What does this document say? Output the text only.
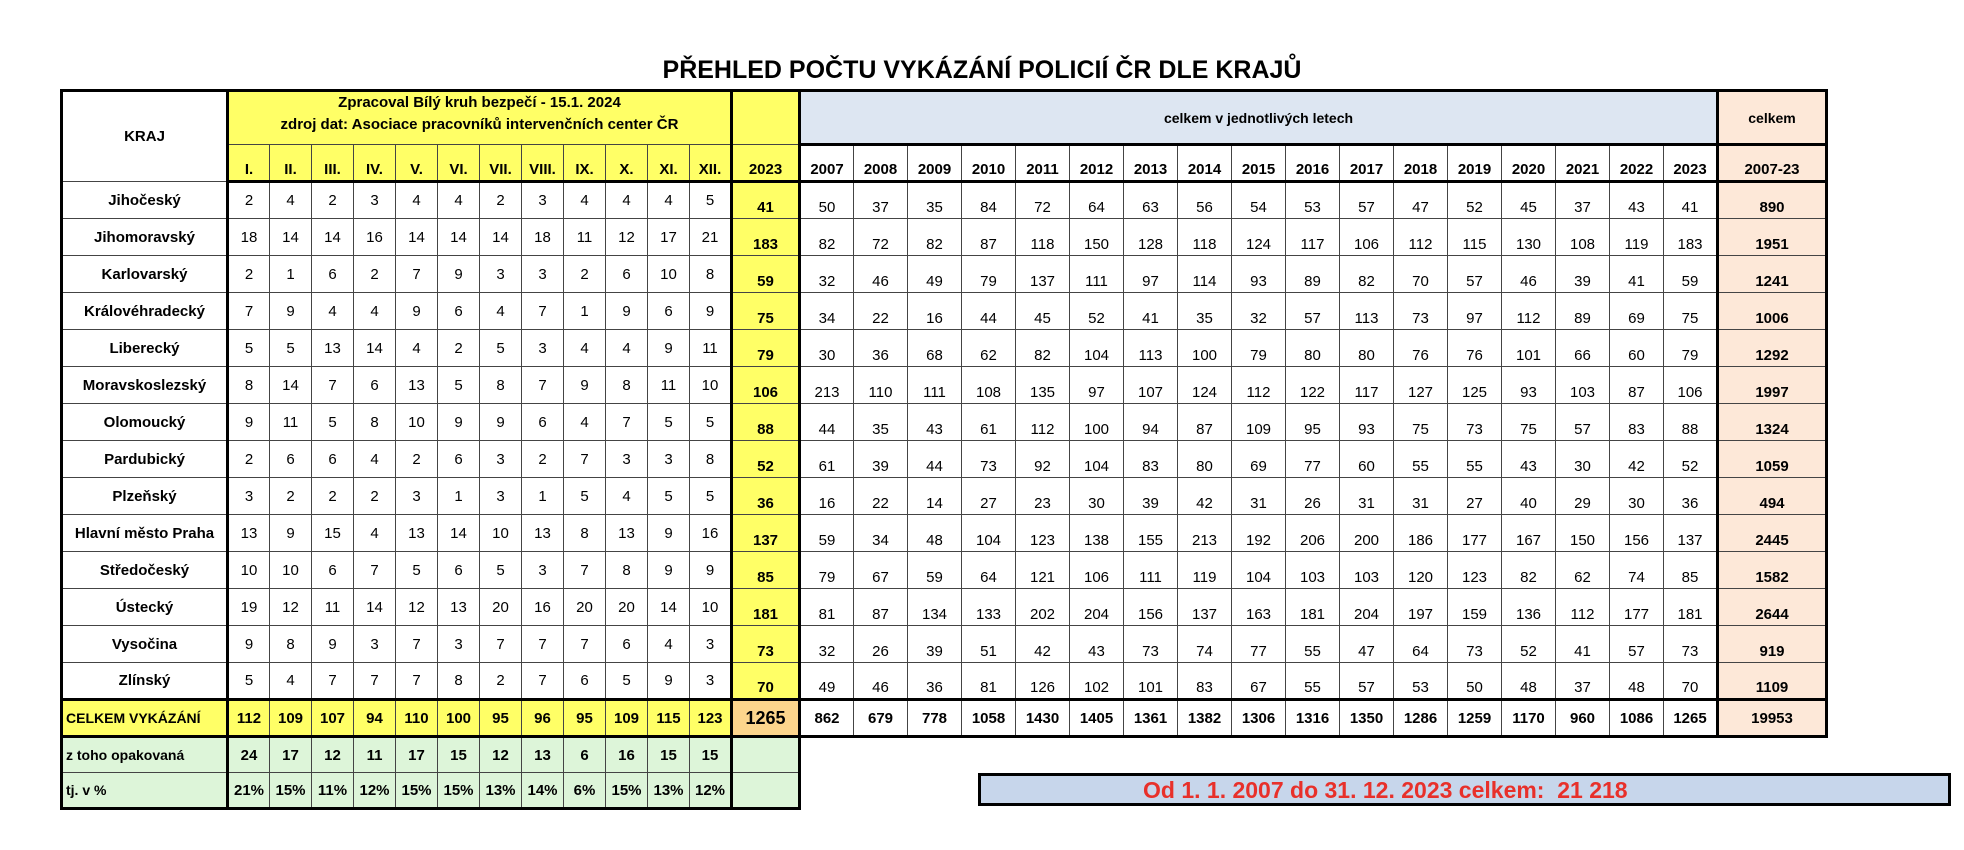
PŘEHLED POČTU VYKÁZÁNÍ POLICIÍ ČR DLE KRAJŮ
KRAJ	Zpracoval Bílý kruh bezpečí - 15.1. 2024
zdroj dat: Asociace pracovníků intervenčních center ČR													celkem v jednotlivých letech																	celkem
	I.	II.	III.	IV.	V.	VI.	VII.	VIII.	IX.	X.	XI.	XII.	2023	2007	2008	2009	2010	2011	2012	2013	2014	2015	2016	2017	2018	2019	2020	2021	2022	2023	2007-23
Jihočeský	2	4	2	3	4	4	2	3	4	4	4	5	41	50	37	35	84	72	64	63	56	54	53	57	47	52	45	37	43	41	890
Jihomoravský	18	14	14	16	14	14	14	18	11	12	17	21	183	82	72	82	87	118	150	128	118	124	117	106	112	115	130	108	119	183	1951
Karlovarský	2	1	6	2	7	9	3	3	2	6	10	8	59	32	46	49	79	137	111	97	114	93	89	82	70	57	46	39	41	59	1241
Královéhradecký	7	9	4	4	9	6	4	7	1	9	6	9	75	34	22	16	44	45	52	41	35	32	57	113	73	97	112	89	69	75	1006
Liberecký	5	5	13	14	4	2	5	3	4	4	9	11	79	30	36	68	62	82	104	113	100	79	80	80	76	76	101	66	60	79	1292
Moravskoslezský	8	14	7	6	13	5	8	7	9	8	11	10	106	213	110	111	108	135	97	107	124	112	122	117	127	125	93	103	87	106	1997
Olomoucký	9	11	5	8	10	9	9	6	4	7	5	5	88	44	35	43	61	112	100	94	87	109	95	93	75	73	75	57	83	88	1324
Pardubický	2	6	6	4	2	6	3	2	7	3	3	8	52	61	39	44	73	92	104	83	80	69	77	60	55	55	43	30	42	52	1059
Plzeňský	3	2	2	2	3	1	3	1	5	4	5	5	36	16	22	14	27	23	30	39	42	31	26	31	31	27	40	29	30	36	494
Hlavní město Praha	13	9	15	4	13	14	10	13	8	13	9	16	137	59	34	48	104	123	138	155	213	192	206	200	186	177	167	150	156	137	2445
Středočeský	10	10	6	7	5	6	5	3	7	8	9	9	85	79	67	59	64	121	106	111	119	104	103	103	120	123	82	62	74	85	1582
Ústecký	19	12	11	14	12	13	20	16	20	20	14	10	181	81	87	134	133	202	204	156	137	163	181	204	197	159	136	112	177	181	2644
Vysočina	9	8	9	3	7	3	7	7	7	6	4	3	73	32	26	39	51	42	43	73	74	77	55	47	64	73	52	41	57	73	919
Zlínský	5	4	7	7	7	8	2	7	6	5	9	3	70	49	46	36	81	126	102	101	83	67	55	57	53	50	48	37	48	70	1109
CELKEM VYKÁZÁNÍ	112	109	107	94	110	100	95	96	95	109	115	123	1265	862	679	778	1058	1430	1405	1361	1382	1306	1316	1350	1286	1259	1170	960	1086	1265	19953
z toho opakovaná	24	17	12	11	17	15	12	13	6	16	15	15																			
tj. v %	21%	15%	11%	12%	15%	15%	13%	14%	6%	15%	13%	12%																				Od 1. 1. 2007 do 31. 12. 2023 celkem:  21 218
